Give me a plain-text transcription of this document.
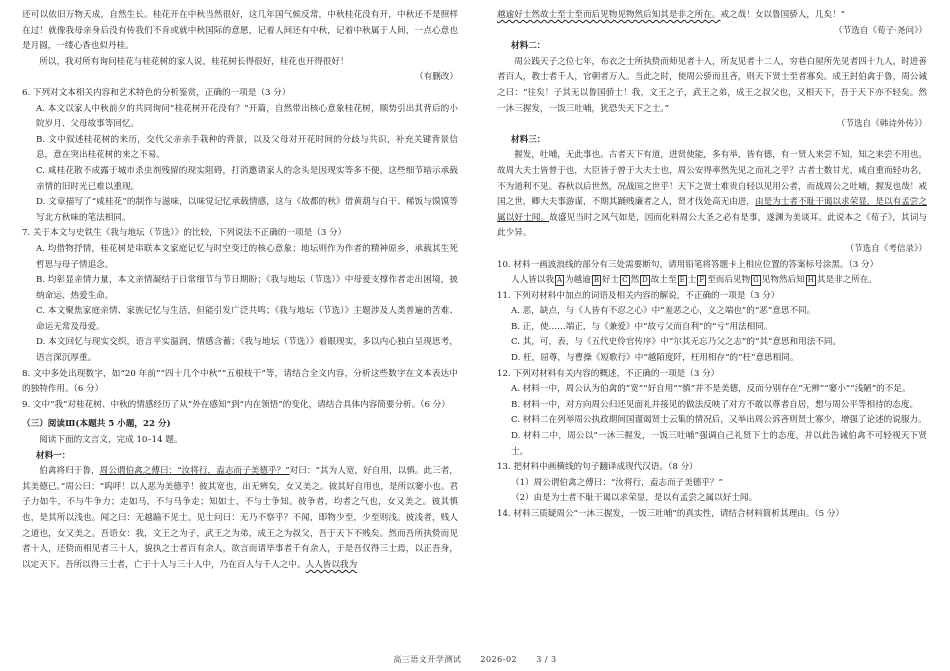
还可以依旧万物天成，自然生长。桂花开在中秋当然很好，这几年国气候反常，中秋桂花没有开，中秋还不是照样在过！就像我母亲身后没有传我们不肯或就中秋国际的意愿，记着人间还有中秋，记着中秋属于人间，一点心意也是月圆，一缕心香也似丹桂。

所以，我对所有询问桂花与桂花树的家人说，桂花树长得很好，桂花也开得很好！

（有删改）

6. 下列对文本相关内容和艺术特色的分析鉴赏，正确的一项是（3 分）

A. 本文以家人中秋前夕的共同询问“桂花树开花没有？”开篇，自然带出核心意象桂花树，顺势引出其背后的小院岁月、父母故事等回忆。

B. 文中叙述桂花树的来历，交代父亲亲手栽种的背景，以及父母对开花时间的分歧与共识，补充关键背景信息，意在突出桂花树的来之不易。

C. 咸桂花散不成露于城市杀虫剂残留的现实阻碍，打消邀请家人的念头是因现实等多不便，这些细节暗示承载亲情的旧时光已难以重现。

D. 文章描写了“咸桂花”的制作与滋味，以味觉记忆承载情感，这与《故都的秋》借黄葫与白干、稀饭与馍馍等写北方秋味的笔法相同。

7. 关于本文与史铁生《我与地坛（节选）》的比较，下列说法不正确的一项是（3 分）

A. 均借物抒情，桂花树是串联本文家庭记忆与时空变迁的核心意象；地坛则作为作者的精神原乡，承载其生死哲思与母子情追念。

B. 均彰显亲情力量，本文亲情凝结于日常细节与节日期盼；《我与地坛（节选）》中母爱支撑作者走出困境，披纳命运、热爱生命。

C. 本文聚焦家庭亲情、家族记忆与生活，但能引发广泛共鸣；《我与地坛（节选）》主题涉及人类普遍的苦难、命运无常及母爱。

D. 本文回忆与现实交织，语言平实温润，情感含蓄；《我与地坛（节选）》着眼现实，多以内心独白呈现思考，语言深沉厚重。

8. 文中多处出现数字，如“20 年前”“四十几个中秋”“五根枝干”等，请结合全文内容，分析这些数字在文本表达中的独特作用。（6 分）

9. 文中“我”对桂花树、中秋的情感经历了从“外在感知”到“内在领悟”的变化，请结合具体内容简要分析。（6 分）

（三）阅读Ⅲ(本题共 5 小题，22 分)

阅读下面的文言文，完成 10–14 题。

材料一：

伯禽将归于鲁，周公谓伯禽之傅曰：“汝将行，盍志而子美德乎？”对曰：“其为人宽，好自用，以慎。此三者，其美德已。”周公曰：“呜呼！以人恶为美德乎！彼其宽也，出无辨矣，女又美之。彼其好自用也，是所以窭小也。君子力如牛，不与牛争力；走如马，不与马争走；知如士，不与士争知。彼争者，均者之气也，女又美之。彼其慎也，是其所以浅也。闻之曰：无越踰不见士。见士问曰：无乃不察乎？不闻，即物少至，少至则浅。彼浅者，贱人之道也，女又美之。吾语女：我，文王之为子，武王之为弟，成王之为叔父，吾于天下不贱矣。然而吾所执贽而见者十人，还贽而相见者三十人，貌执之士者百有余人，欲言而请毕事者千有余人，于是吾仅得三士焉，以正吾身，以定天下。吾所以得三士者，亡于十人与三十人中，乃在百人与千人之中。人人皆以我为

越逾好士然故士至士至而后见物见物然后知其是非之所在。戒之哉！女以鲁国骄人，几矣！”

（节选自《荀子·尧问》）

材料二：

周公践天子之位七年，布衣之士所执贽而师见者十人，所友见者十二人，穷巷白屋所先见者四十九人，时进善者百人，教士者千人，官朝者万人。当此之时，使周公骄而且吝，则天下贤士至者寡矣。成王封伯禽于鲁，周公诫之曰：“往矣！子其无以鲁国骄士！我，文王之子，武王之弟，成王之叔父也，又相天下，吾于天下亦不轻矣。然一沐三握发，一饭三吐哺，犹恐失天下之士。”

（节选自《韩诗外传》）

材料三：

握发，吐哺，无此事也。古者天下有道，进贤使能，多有举，皆有德，有一贤人来尝不知，知之来尝不用也。故周大夫士皆曾于也，大臣皆于曾于大夫士也，周公安得率然先见之而礼之乎？古者士数甘尤，咸自重而轻功名，不为道利不见。春秋以后世然，况战国之世乎！天下之贤士难贵自轻以见用公者，而战周公之吐哺，握发也哉！戒国之世，卿大夫事游谋，不期其踊贱廉者之人，贤才伐处高无由进，由是为士者不耻干谒以求荣显，是以有孟尝之属以好士闻。故盛见当时之风气如是，因而化料周公大圣之必有是事，遂渊为美谈耳。此说本之《荀子》，其词与此少异。

（节选自《考信录》）

10. 材料一画波浪线的部分有三处需要断句，请用铅笔将答题卡上相应位置的答案标号涂黑。（3 分）

人人皆以我 A 为越逾 B 好士 C 然 D 故士至 E 士 F 至而后见物 G 见物然后知 H 其是非之所在。

11. 下列对材料中加点的词语及相关内容的解说，不正确的一项是（3 分）

A. 恶，缺点，与《人皆有不忍之心》中“羞恶之心，义之端也”的“恶”意思不同。

B. 正，使……端正，与《兼爱》中“故亏父而自利”的“亏”用法相同。

C. 其，可，表，与《五代史伶官传序》中“尔其无忘乃父之志”的“其”意思和用法不同。

D. 枉，屈尊，与曹操《短歌行》中“越陌度阡，枉用相存”的“枉”意思相同。

12. 下列对材料有关内容的概述，不正确的一项是（3 分）

A. 材料一中，周公认为伯禽的“宽”“好自用”“慎”并不是美德，反而分别存在“无辨”“窭小”“浅陋”的不足。

B. 材料一中，对方向周公归还见面礼并接见的做法反映了对方不敢以尊者自居，想与周公平等相待的态度。

C. 材料二在列举周公执政期间国谨谒贤士云集的情况后，又举出周公诉吝则贤士寡少，增强了论述的说服力。

D. 材料二中，周公以“一沐三握发，一饭三吐哺”强调自己礼贤下士的态度，并以此告诫伯禽不可轻视天下贤士。

13. 把材料中画横线的句子翻译成现代汉语。（8 分）

（1）周公谓伯禽之傅曰：“汝将行，盍志而子美德乎？”

（2）由是为士者不耻干谒以求荣显，是以有孟尝之属以好士闻。

14. 材料三质疑周公“一沐三握发，一饭三吐哺”的真实性，请结合材料简析其理由。（5 分）

高三语文开学测试 2026-02 3 / 3
